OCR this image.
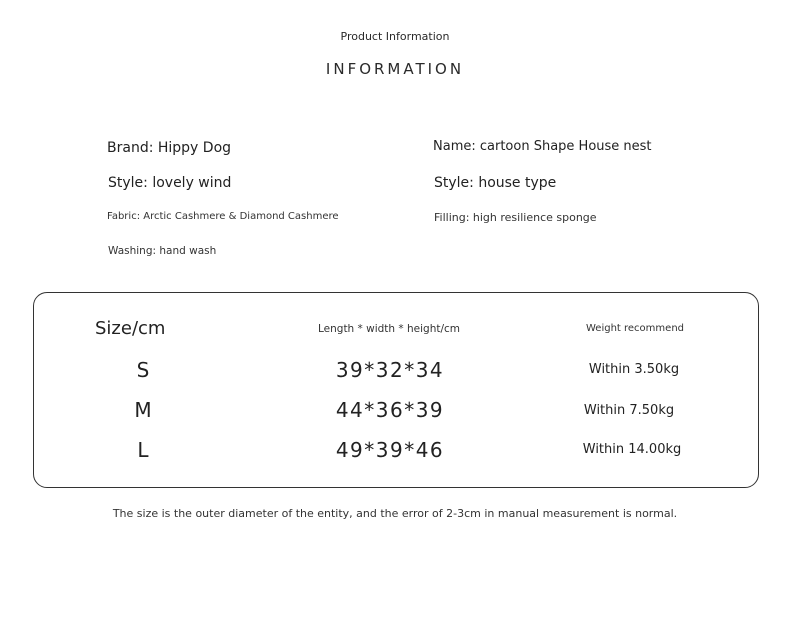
Product Information
INFORMATION
Brand: Hippy Dog	Name: cartoon Shape House nest
Style: lovely wind	Style: house type
Fabric: Arctic Cashmere & Diamond Cashmere	Filling: high resilience sponge
Washing: hand wash
Size/cm	Length * width * height/cm	Weight recommend
S	39*32*34	Within 3.50kg
M	44*36*39	Within 7.50kg
L	49*39*46	Within 14.00kg
The size is the outer diameter of the entity, and the error of 2-3cm in manual measurement is normal.
